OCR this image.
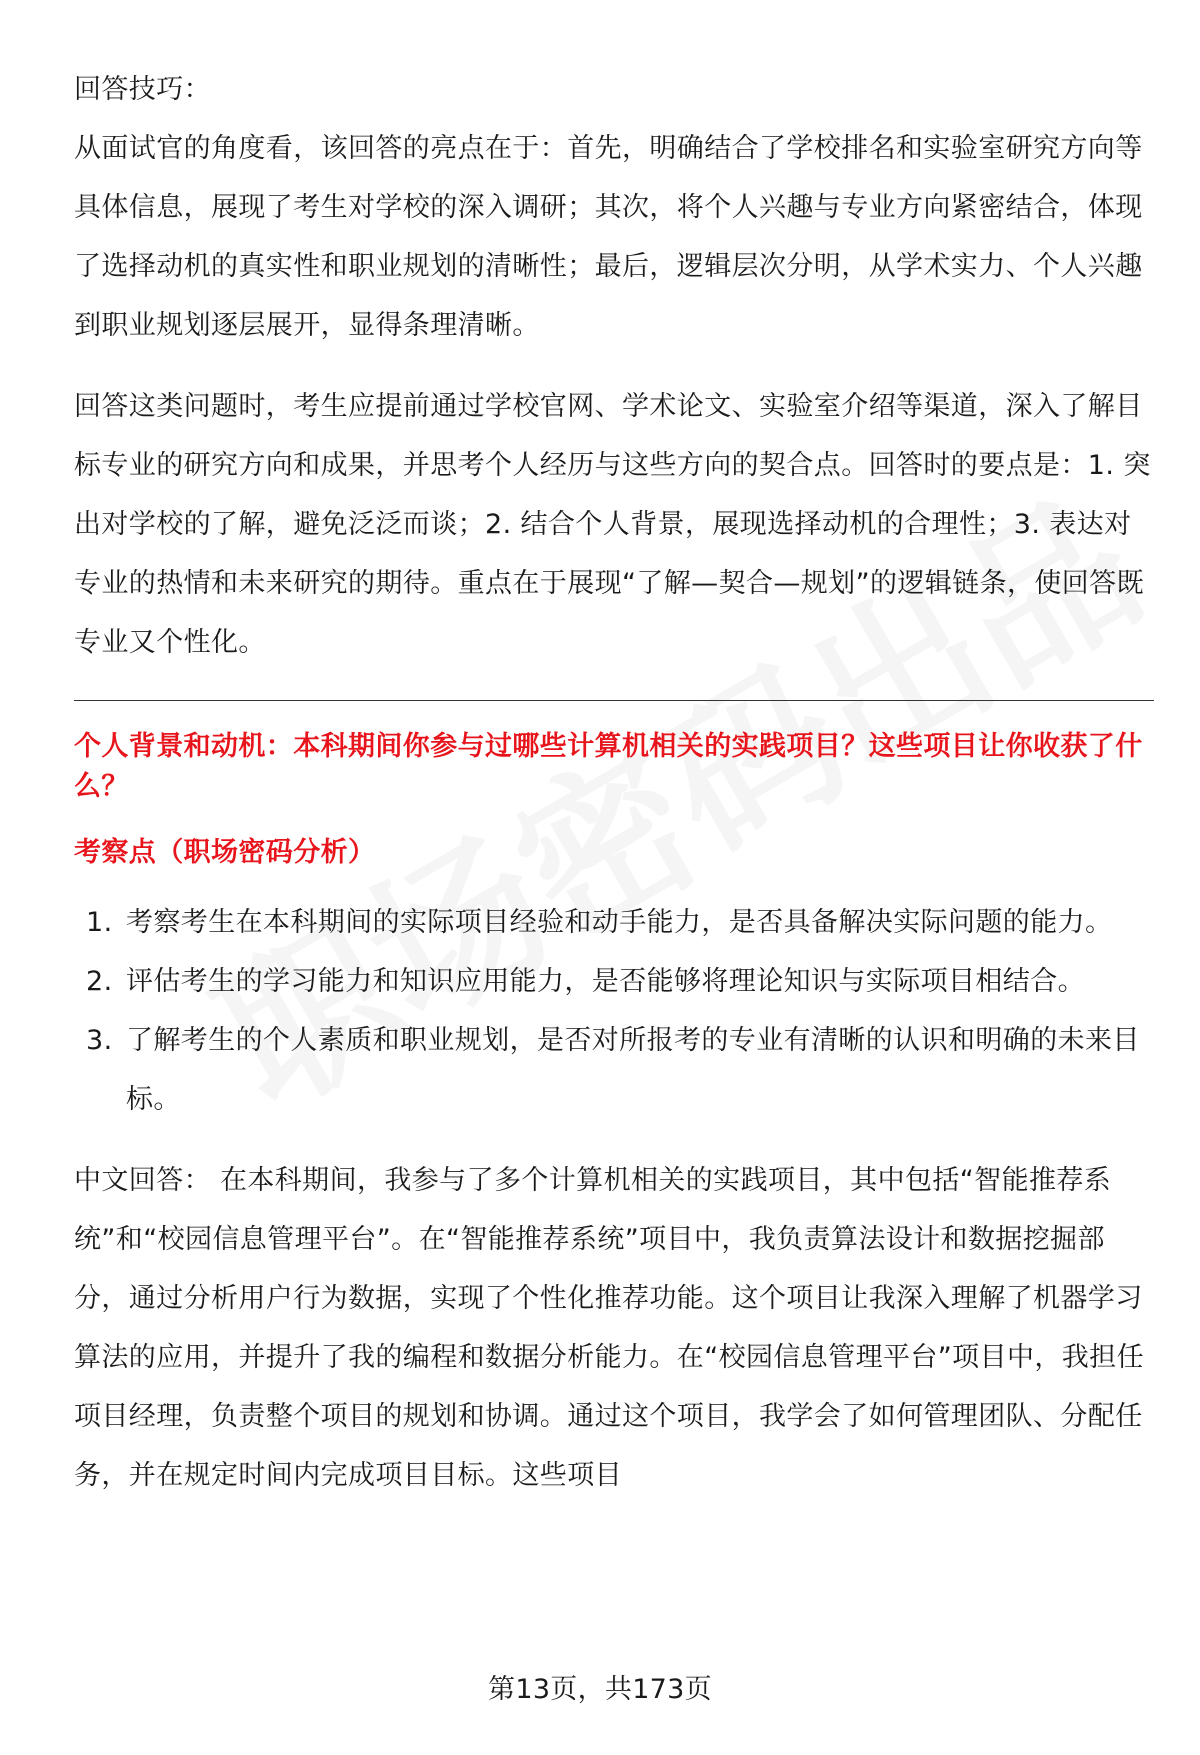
回答技巧：

从面试官的角度看，该回答的亮点在于：首先，明确结合了学校排名和实验室研究方向等具体信息，展现了考生对学校的深入调研；其次，将个人兴趣与专业方向紧密结合，体现了选择动机的真实性和职业规划的清晰性；最后，逻辑层次分明，从学术实力、个人兴趣到职业规划逐层展开，显得条理清晰。

回答这类问题时，考生应提前通过学校官网、学术论文、实验室介绍等渠道，深入了解目标专业的研究方向和成果，并思考个人经历与这些方向的契合点。回答时的要点是：1. 突出对学校的了解，避免泛泛而谈；2. 结合个人背景，展现选择动机的合理性；3. 表达对专业的热情和未来研究的期待。重点在于展现“了解—契合—规划”的逻辑链条，使回答既专业又个性化。

个人背景和动机：本科期间你参与过哪些计算机相关的实践项目？这些项目让你收获了什么？
考察点（职场密码分析）
1. 考察考生在本科期间的实际项目经验和动手能力，是否具备解决实际问题的能力。
2. 评估考生的学习能力和知识应用能力，是否能够将理论知识与实际项目相结合。
3. 了解考生的个人素质和职业规划，是否对所报考的专业有清晰的认识和明确的未来目标。

中文回答： 在本科期间，我参与了多个计算机相关的实践项目，其中包括“智能推荐系统”和“校园信息管理平台”。在“智能推荐系统”项目中，我负责算法设计和数据挖掘部分，通过分析用户行为数据，实现了个性化推荐功能。这个项目让我深入理解了机器学习算法的应用，并提升了我的编程和数据分析能力。在“校园信息管理平台”项目中，我担任项目经理，负责整个项目的规划和协调。通过这个项目，我学会了如何管理团队、分配任务，并在规定时间内完成项目目标。这些项目

第13页，共173页
